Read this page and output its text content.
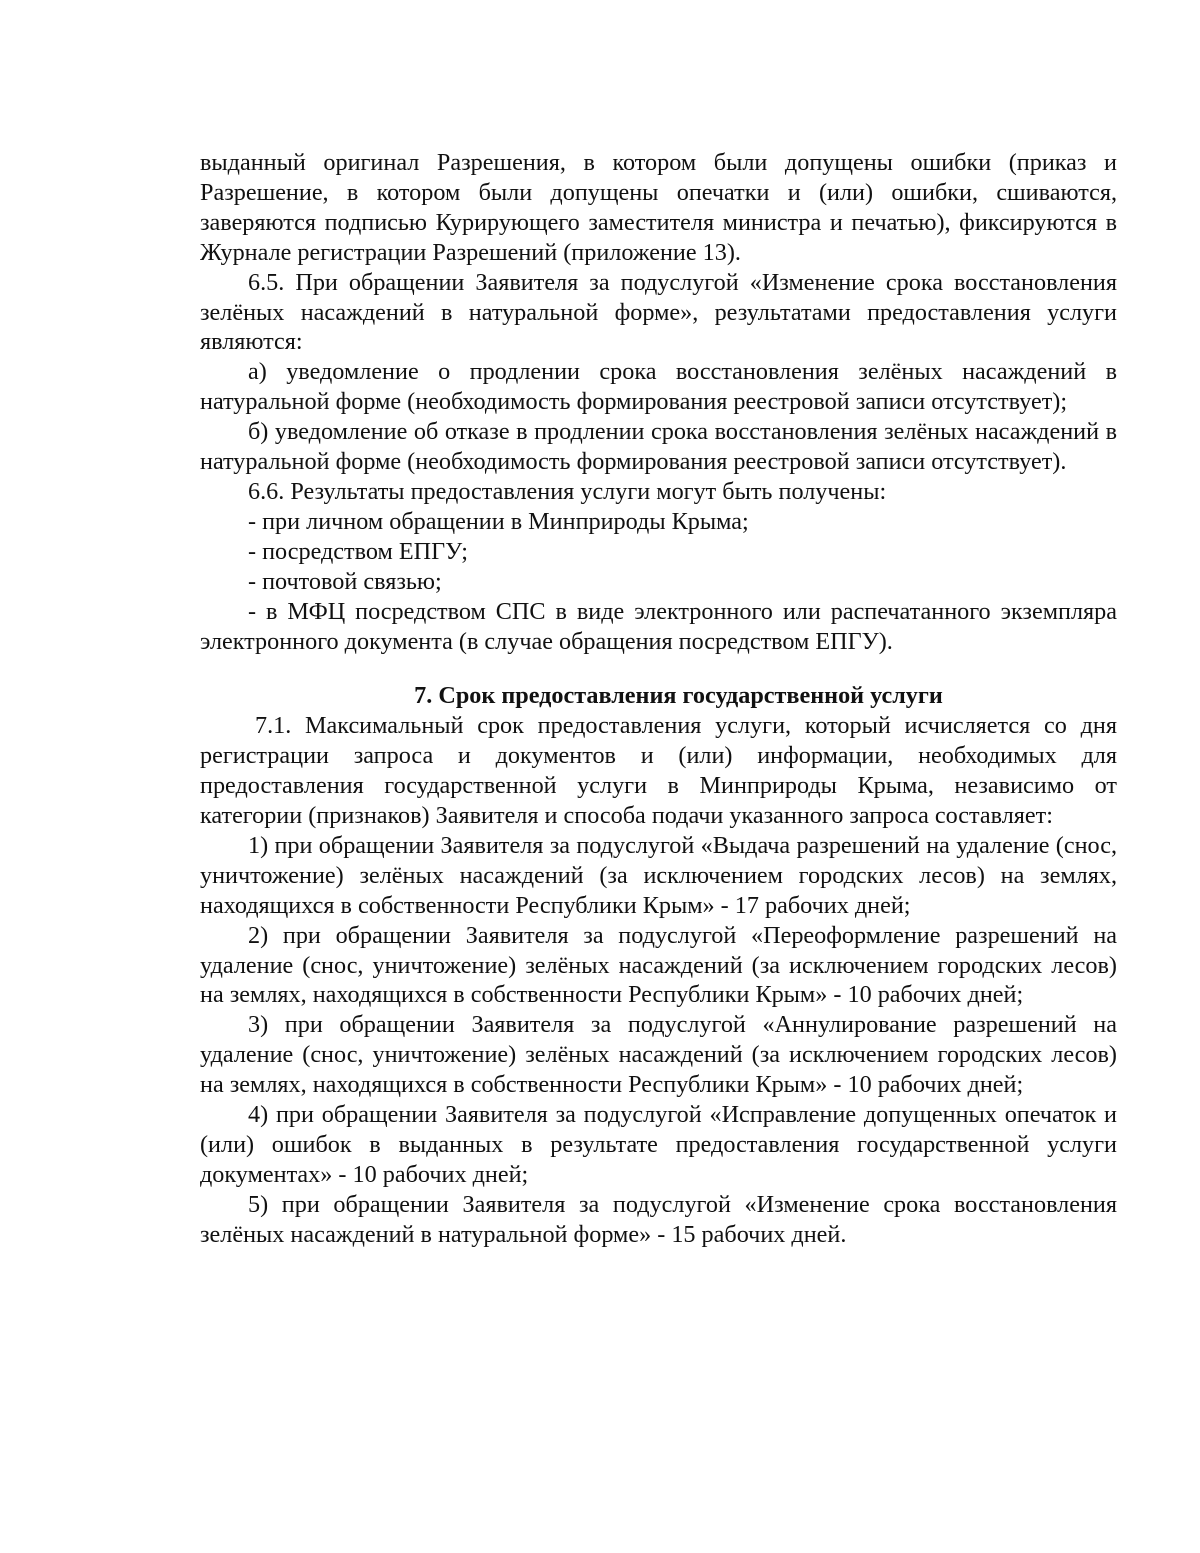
выданный оригинал Разрешения, в котором были допущены ошибки (приказ и Разрешение, в котором были допущены опечатки и (или) ошибки, сшиваются, заверяются подписью Курирующего заместителя министра и печатью), фиксируются в Журнале регистрации Разрешений (приложение 13).

6.5. При обращении Заявителя за подуслугой «Изменение срока восстановления зелёных насаждений в натуральной форме», результатами предоставления услуги являются:

а) уведомление о продлении срока восстановления зелёных насаждений в натуральной форме (необходимость формирования реестровой записи отсутствует);

б) уведомление об отказе в продлении срока восстановления зелёных насаждений в натуральной форме (необходимость формирования реестровой записи отсутствует).

6.6. Результаты предоставления услуги могут быть получены:

- при личном обращении в Минприроды Крыма;

- посредством ЕПГУ;

- почтовой связью;

- в МФЦ посредством СПС в виде электронного или распечатанного экземпляра электронного документа (в случае обращения посредством ЕПГУ).

7. Срок предоставления государственной услуги

7.1. Максимальный срок предоставления услуги, который исчисляется со дня регистрации запроса и документов и (или) информации, необходимых для предоставления государственной услуги в Минприроды Крыма, независимо от категории (признаков) Заявителя и способа подачи указанного запроса составляет:

1) при обращении Заявителя за подуслугой «Выдача разрешений на удаление (снос, уничтожение) зелёных насаждений (за исключением городских лесов) на землях, находящихся в собственности Республики Крым» - 17 рабочих дней;

2) при обращении Заявителя за подуслугой «Переоформление разрешений на удаление (снос, уничтожение) зелёных насаждений (за исключением городских лесов) на землях, находящихся в собственности Республики Крым» - 10 рабочих дней;

3) при обращении Заявителя за подуслугой «Аннулирование разрешений на удаление (снос, уничтожение) зелёных насаждений (за исключением городских лесов) на землях, находящихся в собственности Республики Крым» - 10 рабочих дней;

4) при обращении Заявителя за подуслугой «Исправление допущенных опечаток и (или) ошибок в выданных в результате предоставления государственной услуги документах» - 10 рабочих дней;

5) при обращении Заявителя за подуслугой «Изменение срока восстановления зелёных насаждений в натуральной форме» - 15 рабочих дней.
